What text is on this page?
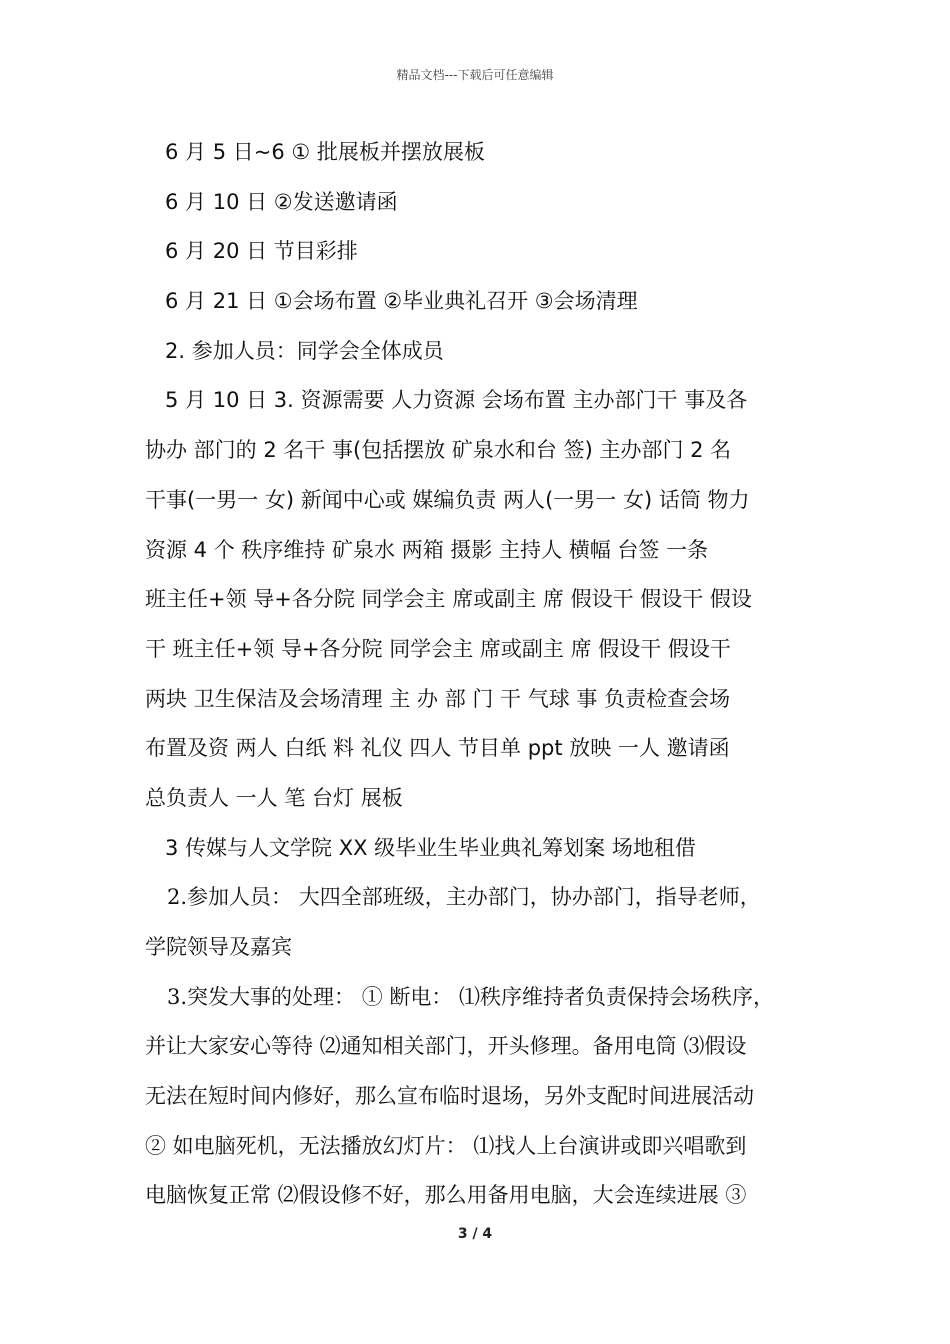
精品文档---下载后可任意编辑
6 月 5 日~6 ① 批展板并摆放展板
6 月 10 日 ②发送邀请函
6 月 20 日 节目彩排
6 月 21 日 ①会场布置 ②毕业典礼召开 ③会场清理
2. 参加人员：同学会全体成员
5 月 10 日 3. 资源需要 人力资源 会场布置 主办部门干 事及各
协办 部门的 2 名干 事(包括摆放 矿泉水和台 签) 主办部门 2 名
干事(一男一 女) 新闻中心或 媒编负责 两人(一男一 女) 话筒 物力
资源 4 个 秩序维持 矿泉水 两箱 摄影 主持人 横幅 台签 一条
班主任+领 导+各分院 同学会主 席或副主 席 假设干 假设干 假设
干 班主任+领 导+各分院 同学会主 席或副主 席 假设干 假设干
两块 卫生保洁及会场清理 主 办 部 门 干 气球 事 负责检查会场
布置及资 两人 白纸 料 礼仪 四人 节目单 ppt 放映 一人 邀请函
总负责人 一人 笔 台灯 展板
3 传媒与人文学院 XX 级毕业生毕业典礼筹划案 场地租借
2.参加人员： 大四全部班级，主办部门，协办部门，指导老师，
学院领导及嘉宾
3.突发大事的处理： ① 断电： ⑴秩序维持者负责保持会场秩序，
并让大家安心等待 ⑵通知相关部门，开头修理。备用电筒 ⑶假设
无法在短时间内修好，那么宣布临时退场，另外支配时间进展活动
② 如电脑死机，无法播放幻灯片： ⑴找人上台演讲或即兴唱歌到
电脑恢复正常 ⑵假设修不好，那么用备用电脑，大会连续进展 ③
3 / 4
